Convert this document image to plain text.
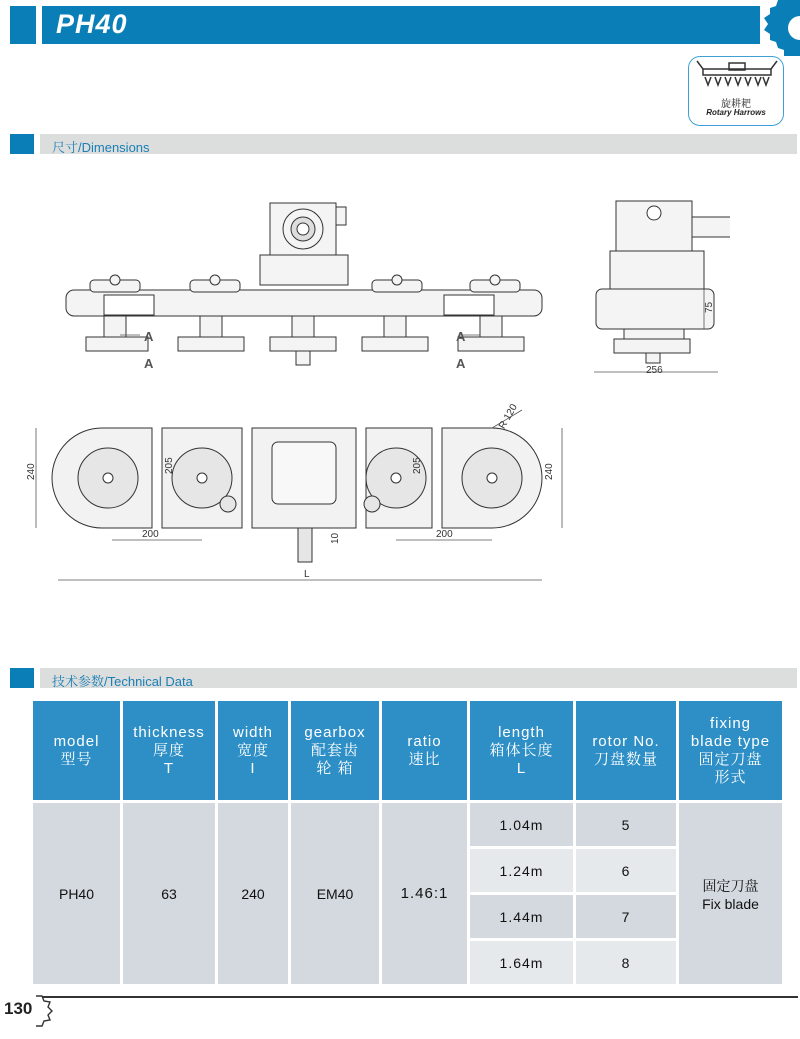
PH40
旋耕耙
Rotary Harrows
尺寸/Dimensions
A
A
A
A	256
75
240	240
205	205
200	200
10
L
R 120
技术参数/Technical Data
model
型号	thickness
厚度
T	width
宽度
I	gearbox
配套齿
轮 箱	ratio
速比	length
箱体长度
L	rotor No.
刀盘数量	fixing
blade type
固定刀盘
形式
PH40	63	240	EM40	1.46:1	1.04m	5	固定刀盘
Fix blade
					1.24m	6	
					1.44m	7	
					1.64m	8	
130
